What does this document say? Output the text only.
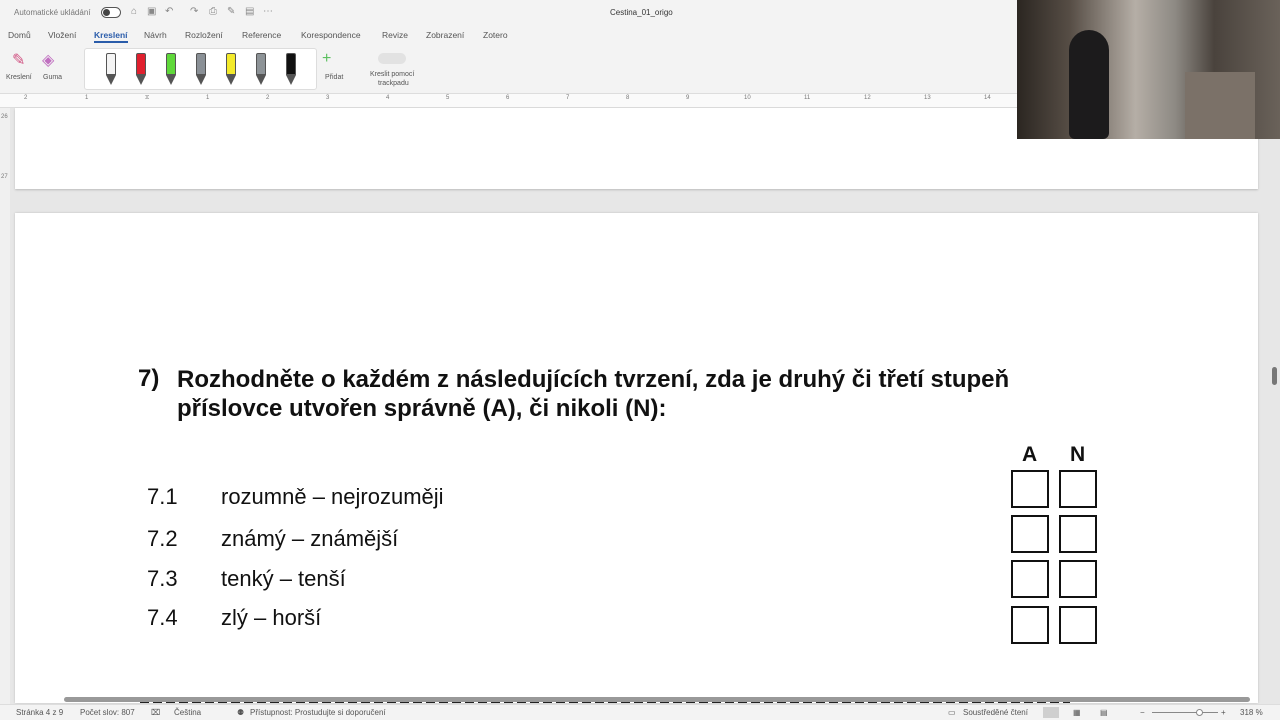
Automatické ukládání	⌂ ▣ ↶ ↷ ⎙ ✎ ▤ ⋯	Cestina_01_origo
Domů Vložení Kreslení Návrh Rozložení Reference Korespondence	Revize Zobrazení Zotero
✎
Kreslení
◈
Guma
+
Přidat	Kreslit pomocí
trackpadu
2	1	⧖	1	2	3	4	5	6	7	8	9	10	11	12	13	14
26
27
7) Rozhodněte o každém z následujících tvrzení, zda je druhý či třetí stupeň příslovce utvořen správně (A), či nikoli (N):
A N
7.1 rozumně – nejrozuměji
7.2 známý – známější
7.3 tenký – tenší
7.4 zlý – horší
Stránka 4 z 9 Počet slov: 807 ⌧ Čeština	⚉ Přístupnost: Prostudujte si doporučení	▭ Soustředěné čtení	▦ ▤	−	+ 318 %
